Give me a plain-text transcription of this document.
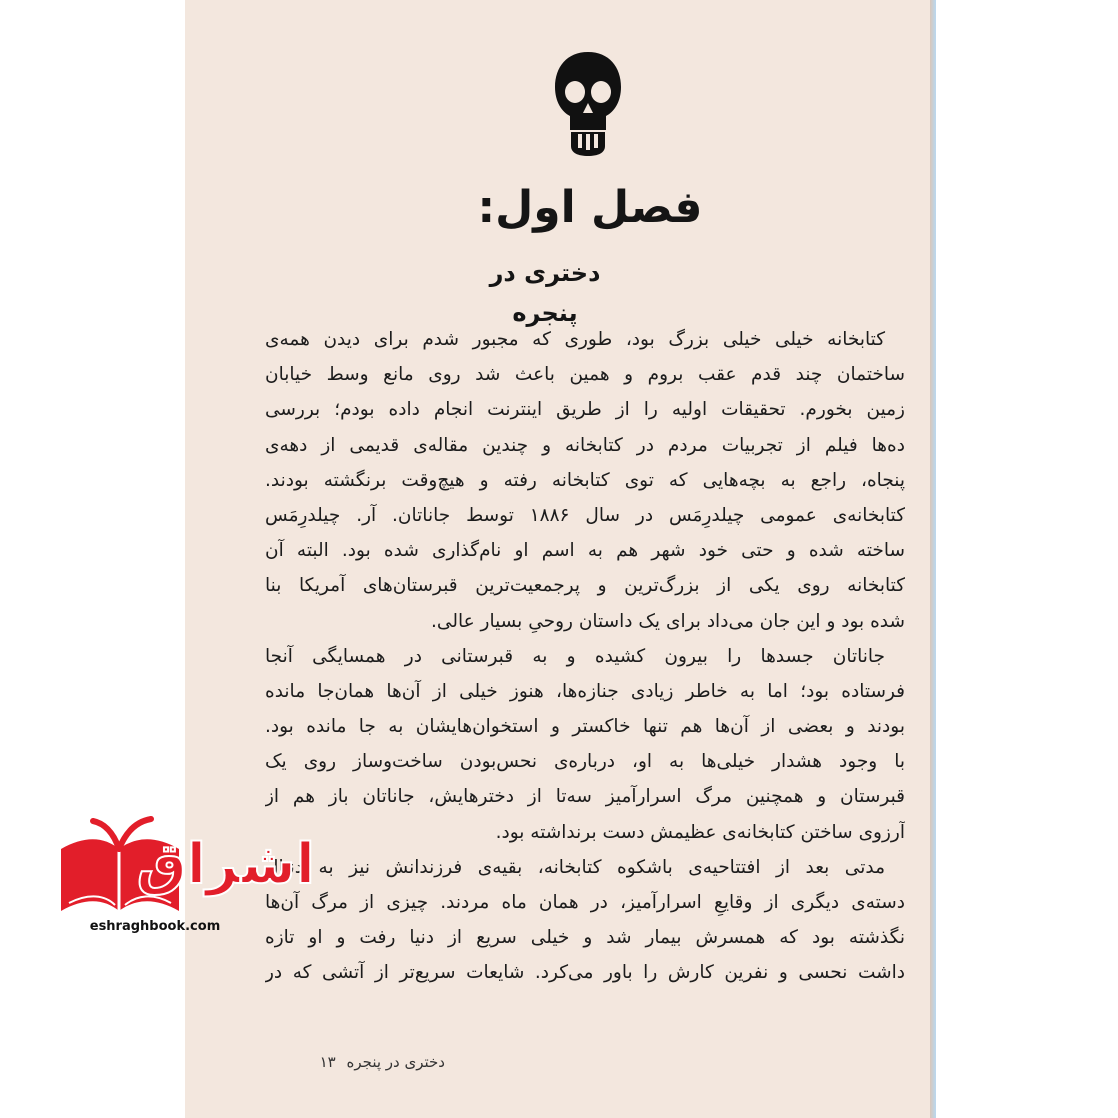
فصل اول:
دختری در پنجره
کتابخانه خیلی خیلی بزرگ بود، طوری که مجبور شدم برای دیدن همه‌ی
ساختمان چند قدم عقب بروم و همین باعث شد روی مانع وسط خیابان
زمین بخورم. تحقیقات اولیه را از طریق اینترنت انجام داده بودم؛ بررسی
ده‌ها فیلم از تجربیات مردم در کتابخانه و چندین مقاله‌ی قدیمی از دهه‌ی
پنجاه، راجع به بچه‌هایی که توی کتابخانه رفته و هیچ‌وقت برنگشته بودند.
کتابخانه‌ی عمومی چیلدرِمَس در سال ۱۸۸۶ توسط جاناتان. آر. چیلدرِمَس
ساخته شده و حتی خود شهر هم به اسم او نام‌گذاری شده بود. البته آن
کتابخانه روی یکی از بزرگ‌ترین و پرجمعیت‌ترین قبرستان‌های آمریکا بنا
شده بود و این جان می‌داد برای یک داستان روحیِ بسیار عالی.
جاناتان جسدها را بیرون کشیده و به قبرستانی در همسایگی آنجا
فرستاده بود؛ اما به خاطر زیادی جنازه‌ها، هنوز خیلی از آن‌ها همان‌جا مانده
بودند و بعضی از آن‌ها هم تنها خاکستر و استخوان‌هایشان به جا مانده بود.
با وجود هشدار خیلی‌ها به او، درباره‌ی نحس‌بودن ساخت‌وساز روی یک
قبرستان و همچنین مرگ اسرارآمیز سه‌تا از دخترهایش، جاناتان باز هم از
آرزوی ساختن کتابخانه‌ی عظیمش دست برنداشته بود.
مدتی بعد از افتتاحیه‌ی باشکوه کتابخانه، بقیه‌ی فرزندانش نیز به دنبال
دسته‌ی دیگری از وقایعِ اسرارآمیز، در همان ماه مردند. چیزی از مرگ آن‌ها
نگذشته بود که همسرش بیمار شد و خیلی سریع از دنیا رفت و او تازه
داشت نحسی و نفرین کارش را باور می‌کرد. شایعات سریع‌تر از آتشی که در
دختری در پنجره ۱۳
اشراق
eshraghbook.com
